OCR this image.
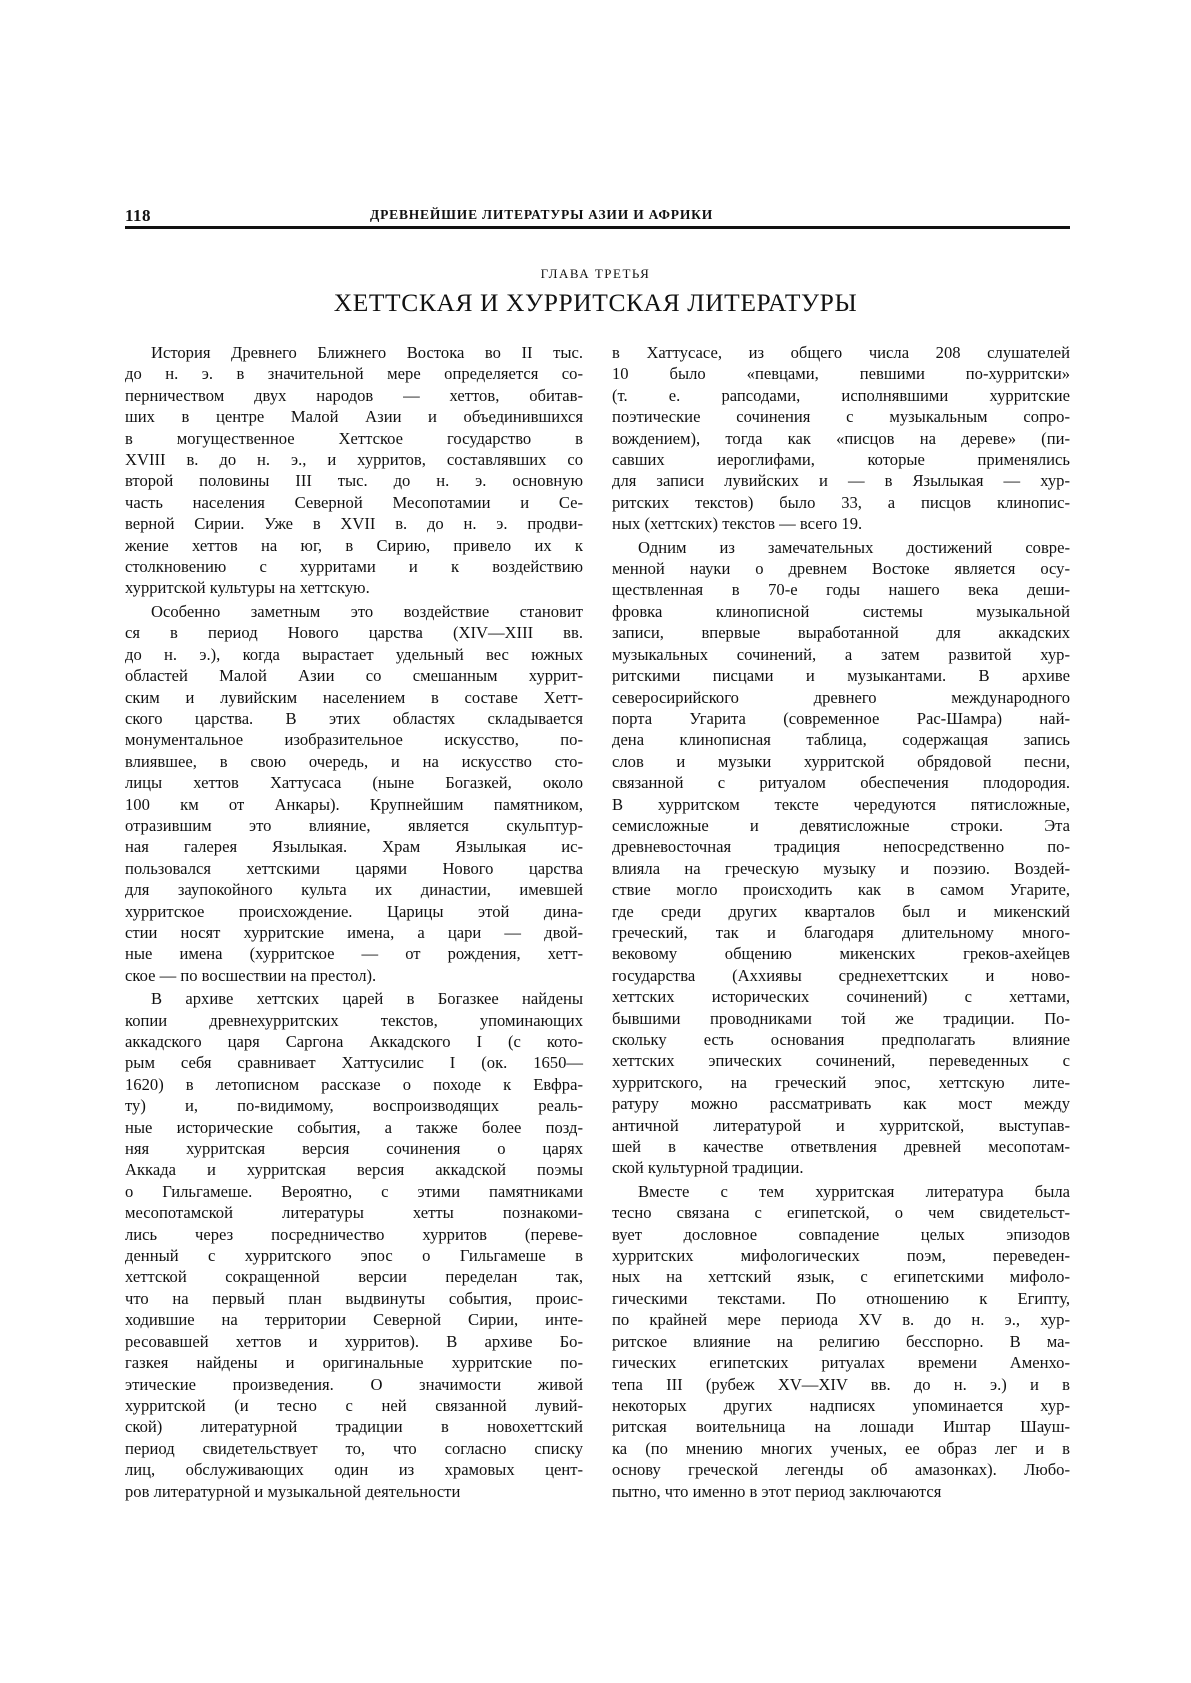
118	ДРЕВНЕЙШИЕ ЛИТЕРАТУРЫ АЗИИ И АФРИКИ
ГЛАВА ТРЕТЬЯ
ХЕТТСКАЯ И ХУРРИТСКАЯ ЛИТЕРАТУРЫ

История Древнего Ближнего Востока во II тыс.
до н. э. в значительной мере определяется со-
перничеством двух народов — хеттов, обитав-
ших в центре Малой Азии и объединившихся
в могущественное Хеттское государство в
XVIII в. до н. э., и хурритов, составлявших со
второй половины III тыс. до н. э. основную
часть населения Северной Месопотамии и Се-
верной Сирии. Уже в XVII в. до н. э. продви-
жение хеттов на юг, в Сирию, привело их к
столкновению с хурритами и к воздействию
хурритской культуры на хеттскую.

Особенно заметным это воздействие становит
ся в период Нового царства (XIV—XIII вв.
до н. э.), когда вырастает удельный вес южных
областей Малой Азии со смешанным хуррит-
ским и лувийским населением в составе Хетт-
ского царства. В этих областях складывается
монументальное изобразительное искусство, по-
влиявшее, в свою очередь, и на искусство сто-
лицы хеттов Хаттусаса (ныне Богазкей, около
100 км от Анкары). Крупнейшим памятником,
отразившим это влияние, является скульптур-
ная галерея Язылыкая. Храм Язылыкая ис-
пользовался хеттскими царями Нового царства
для заупокойного культа их династии, имевшей
хурритское происхождение. Царицы этой дина-
стии носят хурритские имена, а цари — двой-
ные имена (хурритское — от рождения, хетт-
ское — по восшествии на престол).

В архиве хеттских царей в Богазкее найдены
копии древнехурритских текстов, упоминающих
аккадского царя Саргона Аккадского I (с кото-
рым себя сравнивает Хаттусилис I (ок. 1650—
1620) в летописном рассказе о походе к Евфра-
ту) и, по-видимому, воспроизводящих реаль-
ные исторические события, а также более позд-
няя хурритская версия сочинения о царях
Аккада и хурритская версия аккадской поэмы
о Гильгамеше. Вероятно, с этими памятниками
месопотамской литературы хетты познакоми-
лись через посредничество хурритов (переве-
денный с хурритского эпос о Гильгамеше в
хеттской сокращенной версии переделан так,
что на первый план выдвинуты события, проис-
ходившие на территории Северной Сирии, инте-
ресовавшей хеттов и хурритов). В архиве Бо-
газкея найдены и оригинальные хурритские по-
этические произведения. О значимости живой
хурритской (и тесно с ней связанной лувий-
ской) литературной традиции в новохеттский
период свидетельствует то, что согласно списку
лиц, обслуживающих один из храмовых цент-
ров литературной и музыкальной деятельности

в Хаттусасе, из общего числа 208 слушателей
10 было «певцами, певшими по-хурритски»
(т. е. рапсодами, исполнявшими хурритские
поэтические сочинения с музыкальным сопро-
вождением), тогда как «писцов на дереве» (пи-
савших иероглифами, которые применялись
для записи лувийских и — в Язылыкая — хур-
ритских текстов) было 33, а писцов клинопис-
ных (хеттских) текстов — всего 19.

Одним из замечательных достижений совре-
менной науки о древнем Востоке является осу-
ществленная в 70-е годы нашего века деши-
фровка клинописной системы музыкальной
записи, впервые выработанной для аккадских
музыкальных сочинений, а затем развитой хур-
ритскими писцами и музыкантами. В архиве
северосирийского древнего международного
порта Угарита (современное Рас-Шамра) най-
дена клинописная таблица, содержащая запись
слов и музыки хурритской обрядовой песни,
связанной с ритуалом обеспечения плодородия.
В хурритском тексте чередуются пятисложные,
семисложные и девятисложные строки. Эта
древневосточная традиция непосредственно по-
влияла на греческую музыку и поэзию. Воздей-
ствие могло происходить как в самом Угарите,
где среди других кварталов был и микенский
греческий, так и благодаря длительному много-
вековому общению микенских греков-ахейцев
государства (Аххиявы среднехеттских и ново-
хеттских исторических сочинений) с хеттами,
бывшими проводниками той же традиции. По-
скольку есть основания предполагать влияние
хеттских эпических сочинений, переведенных с
хурритского, на греческий эпос, хеттскую лите-
ратуру можно рассматривать как мост между
античной литературой и хурритской, выступав-
шей в качестве ответвления древней месопотам-
ской культурной традиции.

Вместе с тем хурритская литература была
тесно связана с египетской, о чем свидетельст-
вует дословное совпадение целых эпизодов
хурритских мифологических поэм, переведен-
ных на хеттский язык, с египетскими мифоло-
гическими текстами. По отношению к Египту,
по крайней мере периода XV в. до н. э., хур-
ритское влияние на религию бесспорно. В ма-
гических египетских ритуалах времени Аменхо-
тепа III (рубеж XV—XIV вв. до н. э.) и в
некоторых других надписях упоминается хур-
ритская воительница на лошади Иштар Шауш-
ка (по мнению многих ученых, ее образ лег и в
основу греческой легенды об амазонках). Любо-
пытно, что именно в этот период заключаются
